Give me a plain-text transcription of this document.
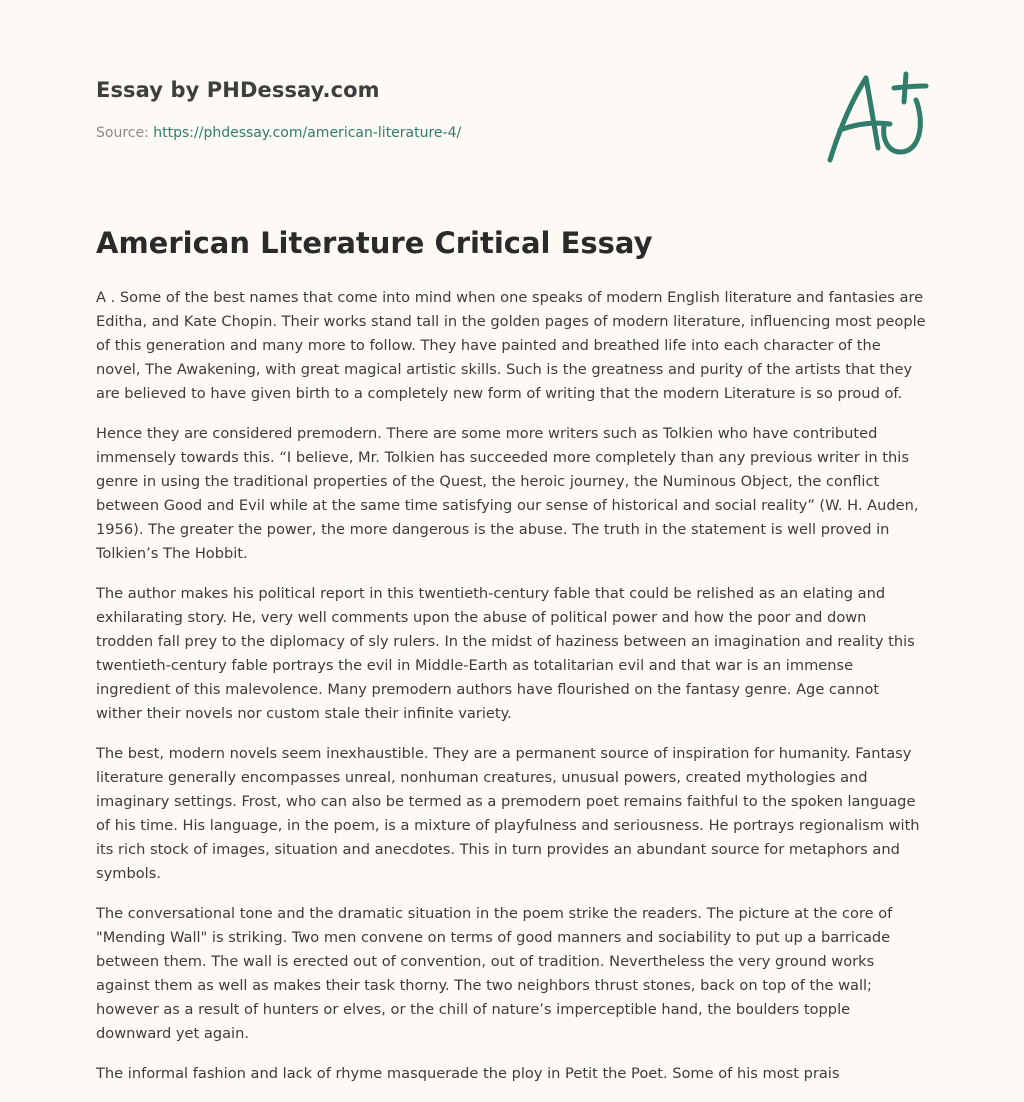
Essay by PHDessay.com
Source: https://phdessay.com/american-literature-4/
American Literature Critical Essay

A . Some of the best names that come into mind when one speaks of modern English literature and fantasies are Editha, and Kate Chopin. Their works stand tall in the golden pages of modern literature, influencing most people of this generation and many more to follow. They have painted and breathed life into each character of the novel, The Awakening, with great magical artistic skills. Such is the greatness and purity of the artists that they are believed to have given birth to a completely new form of writing that the modern Literature is so proud of.

Hence they are considered premodern. There are some more writers such as Tolkien who have contributed immensely towards this. “I believe, Mr. Tolkien has succeeded more completely than any previous writer in this genre in using the traditional properties of the Quest, the heroic journey, the Numinous Object, the conflict between Good and Evil while at the same time satisfying our sense of historical and social reality” (W. H. Auden, 1956). The greater the power, the more dangerous is the abuse. The truth in the statement is well proved in Tolkien’s The Hobbit.

The author makes his political report in this twentieth-century fable that could be relished as an elating and exhilarating story. He, very well comments upon the abuse of political power and how the poor and down trodden fall prey to the diplomacy of sly rulers. In the midst of haziness between an imagination and reality this twentieth-century fable portrays the evil in Middle-Earth as totalitarian evil and that war is an immense ingredient of this malevolence. Many premodern authors have flourished on the fantasy genre. Age cannot wither their novels nor custom stale their infinite variety.

The best, modern novels seem inexhaustible. They are a permanent source of inspiration for humanity. Fantasy literature generally encompasses unreal, nonhuman creatures, unusual powers, created mythologies and imaginary settings. Frost, who can also be termed as a premodern poet remains faithful to the spoken language of his time. His language, in the poem, is a mixture of playfulness and seriousness. He portrays regionalism with its rich stock of images, situation and anecdotes. This in turn provides an abundant source for metaphors and symbols.

The conversational tone and the dramatic situation in the poem strike the readers. The picture at the core of "Mending Wall" is striking. Two men convene on terms of good manners and sociability to put up a barricade between them. The wall is erected out of convention, out of tradition. Nevertheless the very ground works against them as well as makes their task thorny. The two neighbors thrust stones, back on top of the wall; however as a result of hunters or elves, or the chill of nature’s imperceptible hand, the boulders topple downward yet again.

The informal fashion and lack of rhyme masquerade the ploy in Petit the Poet. Some of his most prais
